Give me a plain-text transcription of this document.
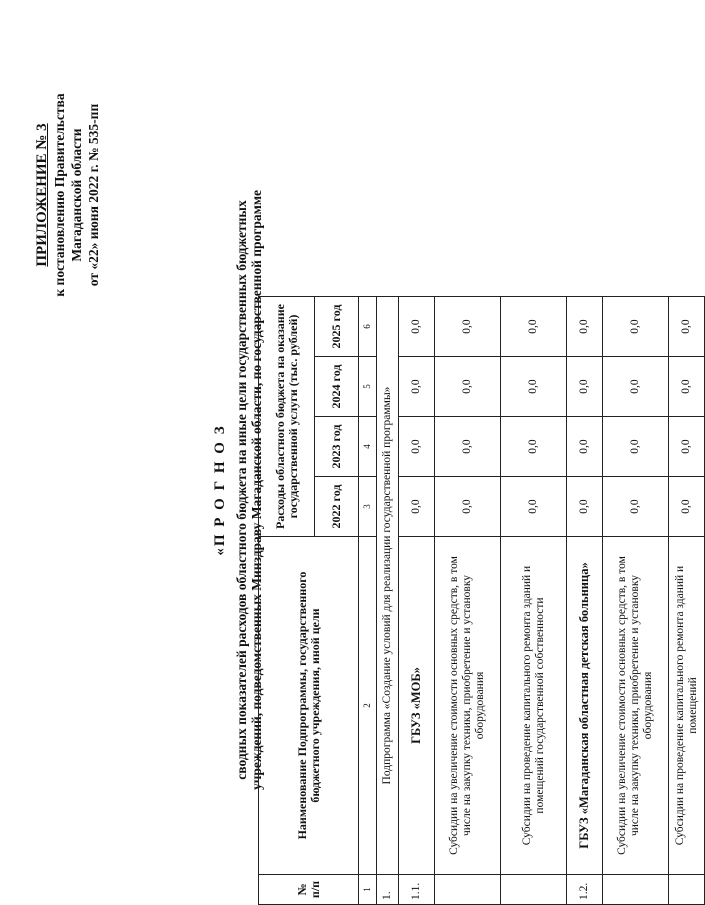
ПРИЛОЖЕНИЕ № 3 к постановлению Правительства Магаданской области от «22» июня 2022 г. № 535-пп
«П Р О Г Н О З сводных показателей расходов областного бюджета на иные цели государственных бюджетных учреждений, подведомственных Минздраву Магаданской области, по государственной программе
№ п/п	Наименование Подпрограммы, государственного бюджетного учреждения, иной цели	Расходы областного бюджета на оказание государственной услуги (тыс. рублей)			
		2022 год	2023 год	2024 год	2025 год
1	2	3	4	5	6
1.	Подпрограмма «Создание условий для реализации государственной программы»				
1.1.	ГБУЗ «МОБ»	0,0	0,0	0,0	0,0
	Субсидии на увеличение стоимости основных средств, в том числе на закупку техники, приобретение и установку оборудования	0,0	0,0	0,0	0,0
	Субсидии на проведение капитального ремонта зданий и помещений государственной собственности	0,0	0,0	0,0	0,0
1.2.	ГБУЗ «Магаданская областная детская больница»	0,0	0,0	0,0	0,0
	Субсидии на увеличение стоимости основных средств, в том числе на закупку техники, приобретение и установку оборудования	0,0	0,0	0,0	0,0
	Субсидии на проведение капитального ремонта зданий и помещений	0,0	0,0	0,0	0,0
